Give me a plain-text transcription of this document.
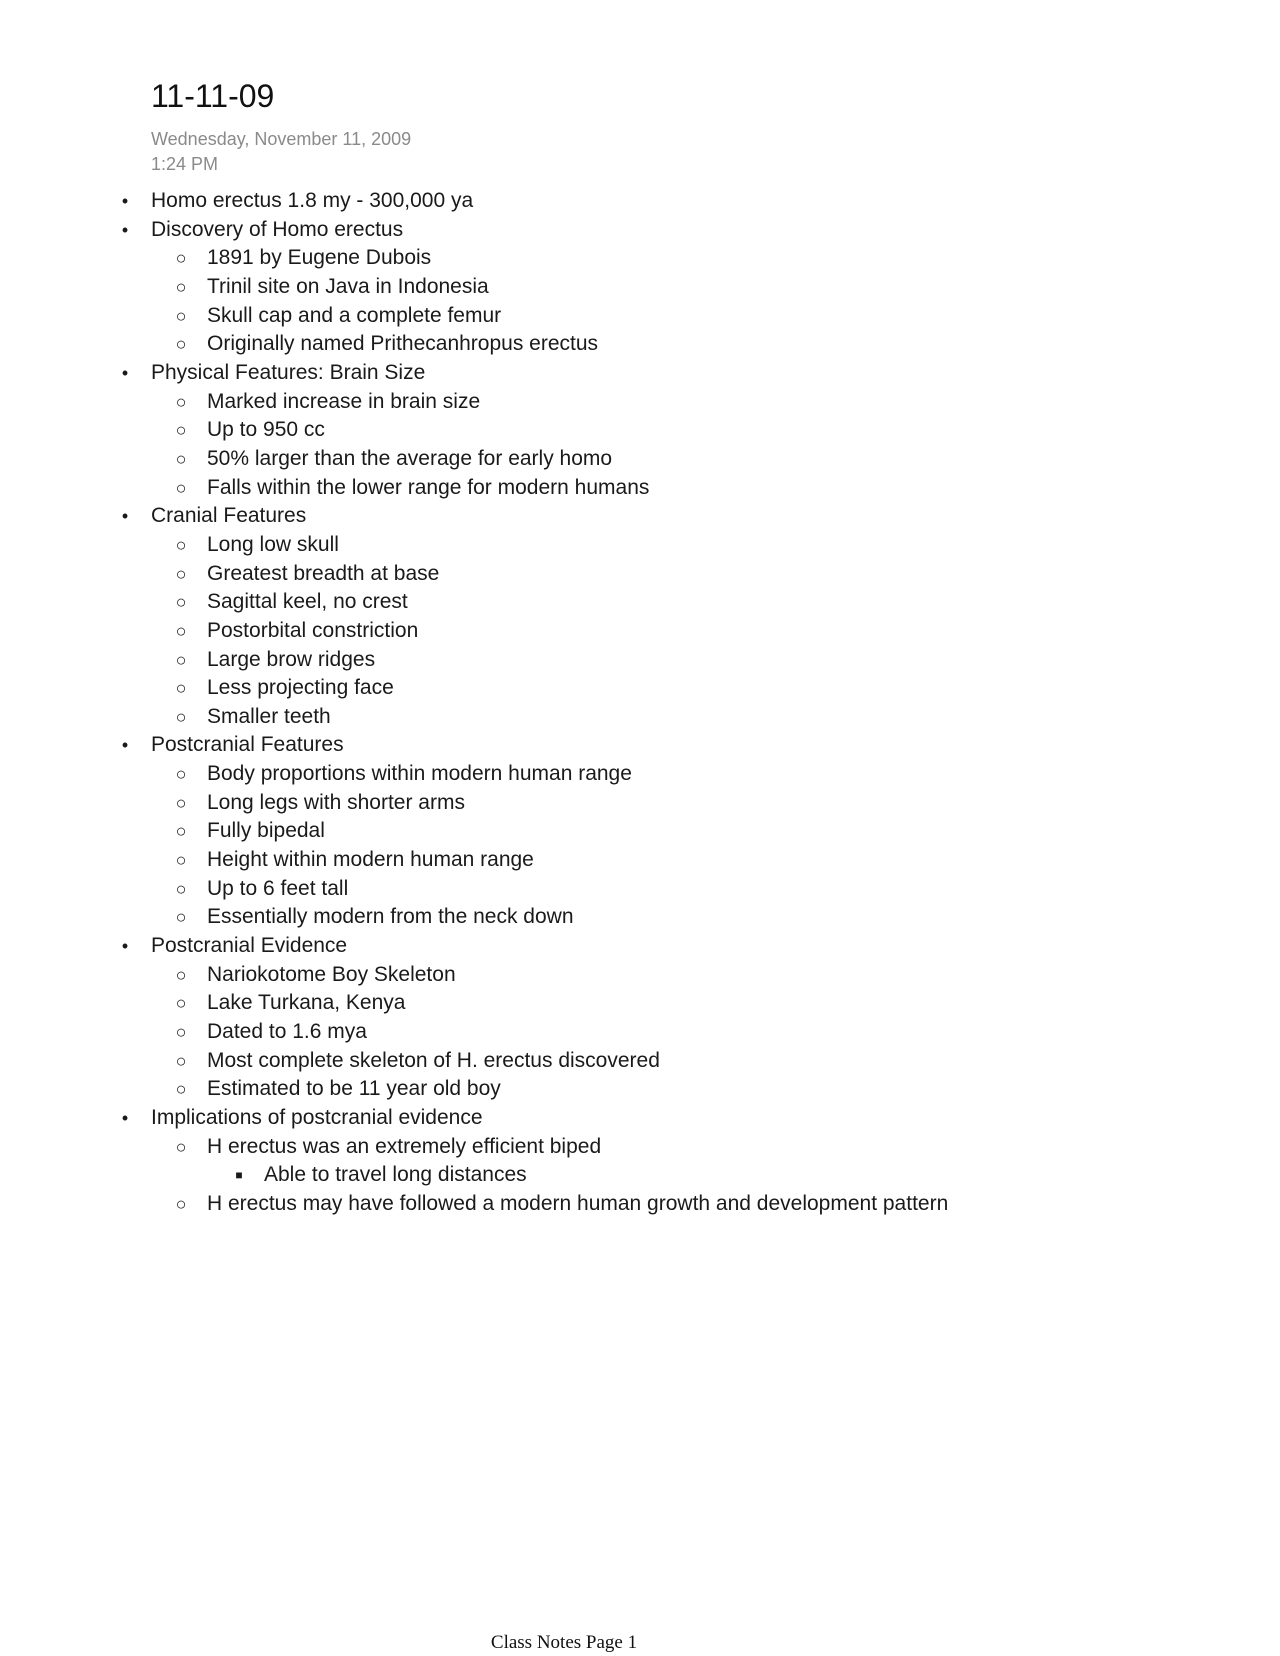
11-11-09
Wednesday, November 11, 2009
1:24 PM
•	Homo erectus 1.8 my - 300,000 ya
•	Discovery of Homo erectus
○ 1891 by Eugene Dubois
○ Trinil site on Java in Indonesia
○ Skull cap and a complete femur
○ Originally named Prithecanhropus erectus
•	Physical Features: Brain Size
○ Marked increase in brain size
○ Up to 950 cc
○ 50% larger than the average for early homo
○ Falls within the lower range for modern humans
•	Cranial Features
○ Long low skull
○ Greatest breadth at base
○ Sagittal keel, no crest
○ Postorbital constriction
○ Large brow ridges
○ Less projecting face
○ Smaller teeth
•	Postcranial Features
○ Body proportions within modern human range
○ Long legs with shorter arms
○ Fully bipedal
○ Height within modern human range
○ Up to 6 feet tall
○ Essentially modern from the neck down
•	Postcranial Evidence
○ Nariokotome Boy Skeleton
○ Lake Turkana, Kenya
○ Dated to 1.6 mya
○ Most complete skeleton of H. erectus discovered
○ Estimated to be 11 year old boy
•	Implications of postcranial evidence
○ H erectus was an extremely efficient biped
■	Able to travel long distances
○ H erectus may have followed a modern human growth and development pattern
Class Notes Page 1
